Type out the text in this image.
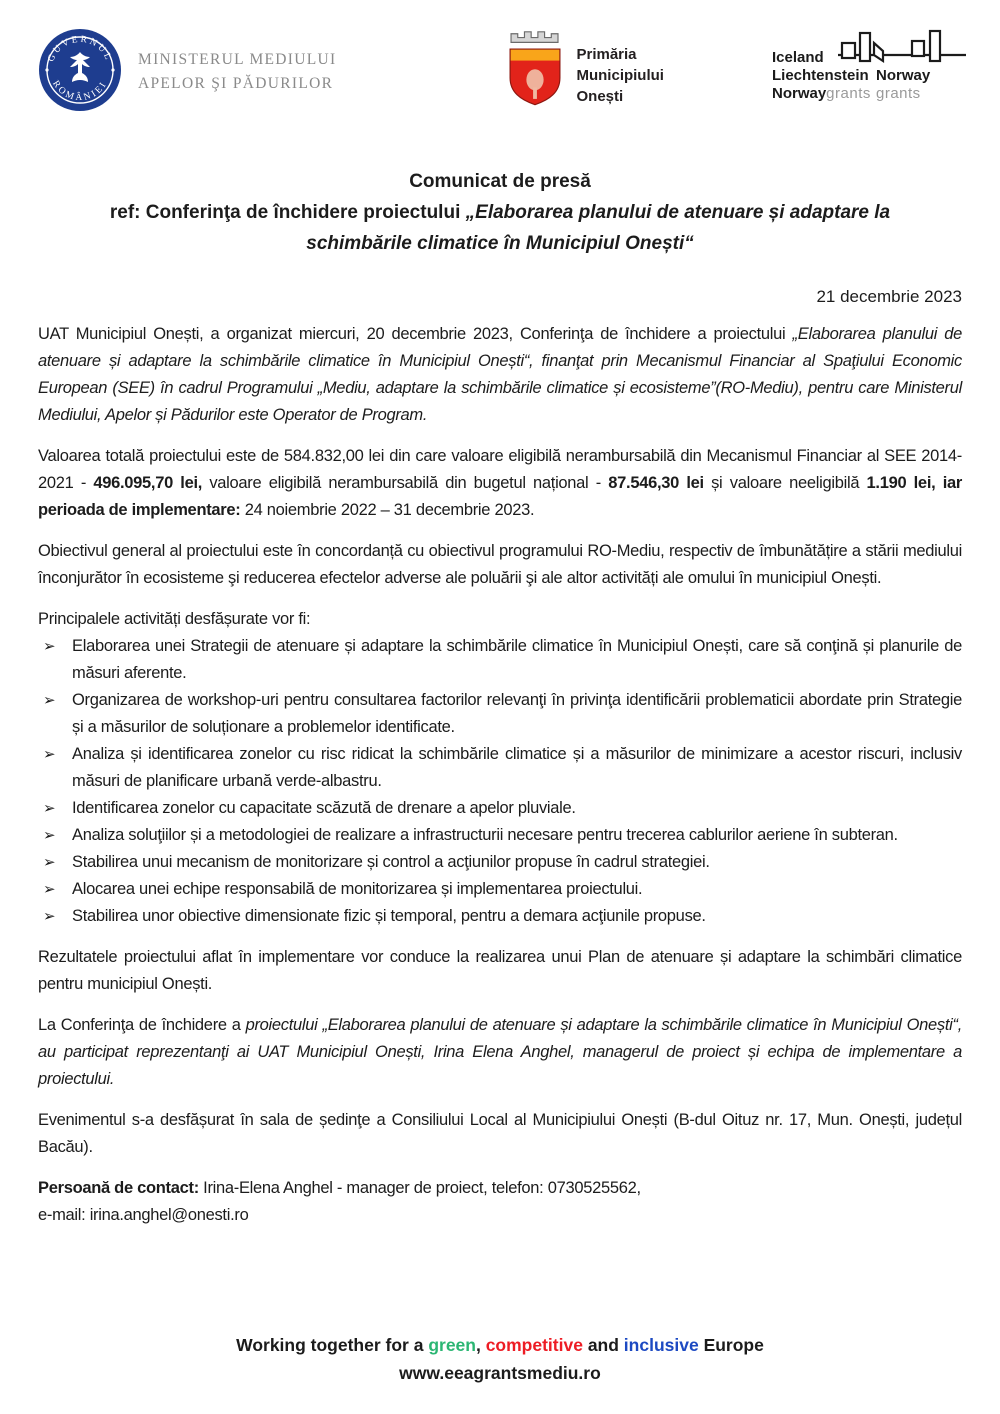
GUVERNUL
ROMÂNIEI
MINISTERUL MEDIULUI
APELOR ŞI PĂDURILOR
Primăria
Municipiului
Onești
Iceland
Liechtenstein Norway
Norwaygrants grants
Comunicat de presă
ref: Conferinţa de închidere proiectului „Elaborarea planului de atenuare și adaptare la schimbările climatice în Municipiul Onești“
21 decembrie 2023

UAT Municipiul Onești, a organizat miercuri, 20 decembrie 2023, Conferinţa de închidere a proiectului „Elaborarea planului de atenuare și adaptare la schimbările climatice în Municipiul Onești“, finanţat prin Mecanismul Financiar al Spaţiului Economic European (SEE) în cadrul Programului „Mediu, adaptare la schimbările climatice și ecosisteme”(RO-Mediu), pentru care Ministerul Mediului, Apelor și Pădurilor este Operator de Program.

Valoarea totală proiectului este de 584.832,00 lei din care valoare eligibilă nerambursabilă din Mecanismul Financiar al SEE 2014-2021 - 496.095,70 lei, valoare eligibilă nerambursabilă din bugetul național - 87.546,30 lei și valoare neeligibilă 1.190 lei, iar perioada de implementare: 24 noiembrie 2022 – 31 decembrie 2023.

Obiectivul general al proiectului este în concordanță cu obiectivul programului RO-Mediu, respectiv de îmbunătățire a stării mediului înconjurător în ecosisteme şi reducerea efectelor adverse ale poluării şi ale altor activități ale omului în municipiul Onești.

Principalele activități desfășurate vor fi:

➢ Elaborarea unei Strategii de atenuare și adaptare la schimbările climatice în Municipiul Onești, care să conţină și planurile de măsuri aferente.
➢ Organizarea de workshop-uri pentru consultarea factorilor relevanţi în privinţa identificării problematicii abordate prin Strategie și a măsurilor de soluționare a problemelor identificate.
➢ Analiza și identificarea zonelor cu risc ridicat la schimbările climatice și a măsurilor de minimizare a acestor riscuri, inclusiv măsuri de planificare urbană verde-albastru.
➢ Identificarea zonelor cu capacitate scăzută de drenare a apelor pluviale.
➢ Analiza soluţiilor și a metodologiei de realizare a infrastructurii necesare pentru trecerea cablurilor aeriene în subteran.
➢ Stabilirea unui mecanism de monitorizare și control a acţiunilor propuse în cadrul strategiei.
➢ Alocarea unei echipe responsabilă de monitorizarea și implementarea proiectului.
➢ Stabilirea unor obiective dimensionate fizic și temporal, pentru a demara acţiunile propuse.

Rezultatele proiectului aflat în implementare vor conduce la realizarea unui Plan de atenuare și adaptare la schimbări climatice pentru municipiul Onești.

La Conferinţa de închidere a proiectului „Elaborarea planului de atenuare și adaptare la schimbările climatice în Municipiul Onești“, au participat reprezentanţi ai UAT Municipiul Onești, Irina Elena Anghel, managerul de proiect și echipa de implementare a proiectului.

Evenimentul s-a desfășurat în sala de ședinţe a Consiliului Local al Municipiului Onești (B-dul Oituz nr. 17, Mun. Onești, județul Bacău).

Persoană de contact: Irina-Elena Anghel - manager de proiect, telefon: 0730525562,
e-mail: irina.anghel@onesti.ro

Working together for a green, competitive and inclusive Europe
www.eeagrantsmediu.ro
